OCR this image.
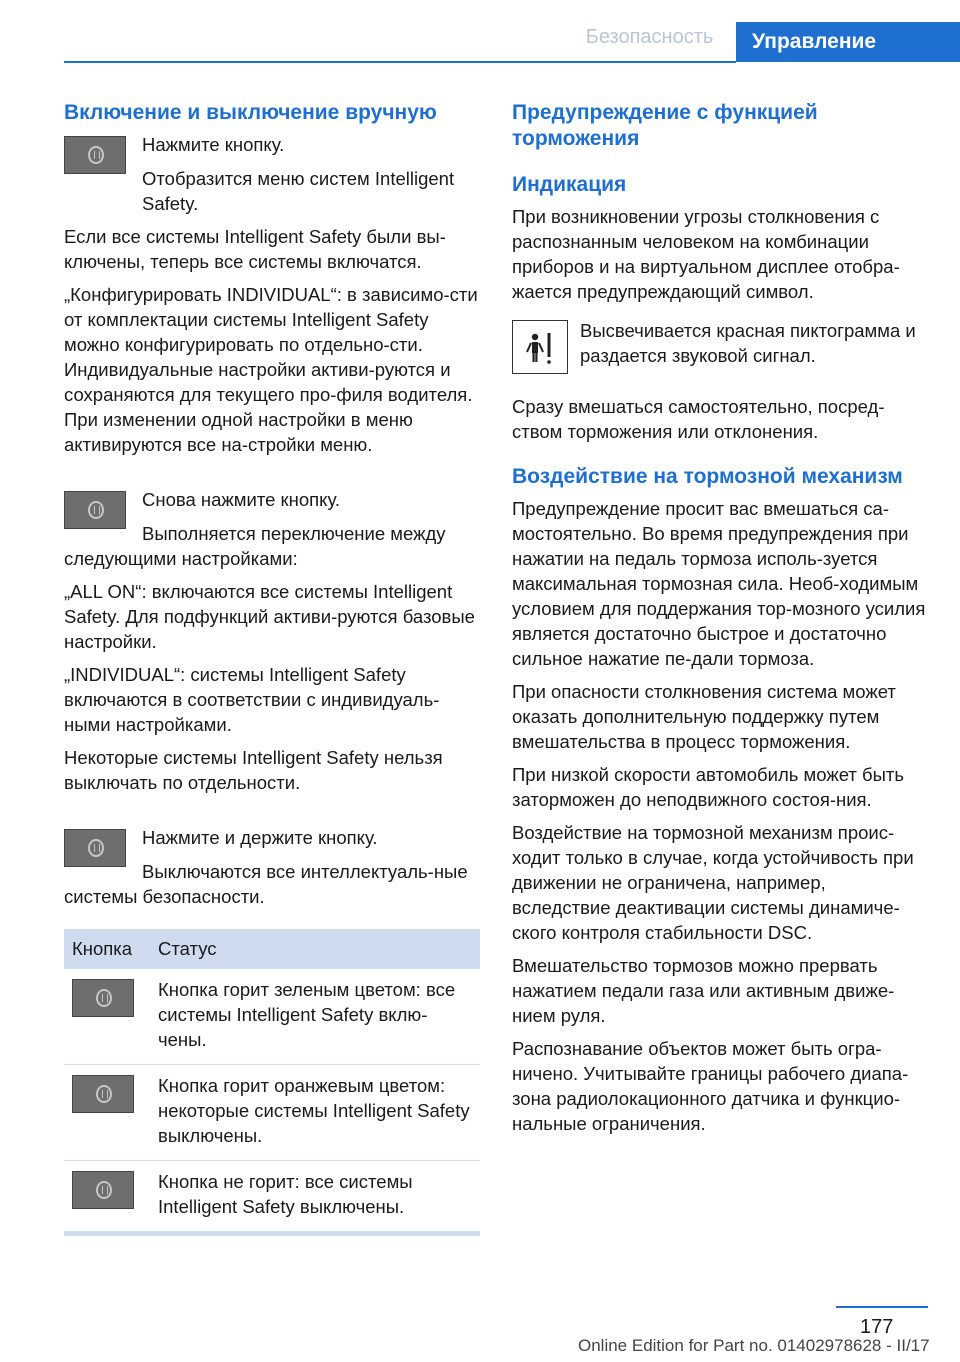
Безопасность	Управление
Включение и выключение вручную

Нажмите кнопку.

Отобразится меню систем Intelligent Safety.

Если все системы Intelligent Safety были вы-ключены, теперь все системы включатся.

„Конфигурировать INDIVIDUAL“: в зависимо-сти от комплектации системы Intelligent Safety можно конфигурировать по отдельно-сти. Индивидуальные настройки активи-руются и сохраняются для текущего про-филя водителя. При изменении одной настройки в меню активируются все на-стройки меню.

Снова нажмите кнопку.

Выполняется переключение между следующими настройками:

„ALL ON“: включаются все системы Intelligent Safety. Для подфункций активи-руются базовые настройки.

„INDIVIDUAL“: системы Intelligent Safety включаются в соответствии с индивидуаль-ными настройками.

Некоторые системы Intelligent Safety нельзя выключать по отдельности.

Нажмите и держите кнопку.

Выключаются все интеллектуаль-ные системы безопасности.

Кнопка	Статус

	Кнопка горит зеленым цветом: все системы Intelligent Safety вклю-чены.

	Кнопка горит оранжевым цветом: некоторые системы Intelligent Safety выключены.

	Кнопка не горит: все системы Intelligent Safety выключены.
Предупреждение с функцией торможения
Индикация

При возникновении угрозы столкновения с распознанным человеком на комбинации приборов и на виртуальном дисплее отобра-жается предупреждающий символ.

Высвечивается красная пиктограмма и раздается звуковой сигнал.

Сразу вмешаться самостоятельно, посред-ством торможения или отклонения.

Воздействие на тормозной механизм

Предупреждение просит вас вмешаться са-мостоятельно. Во время предупреждения при нажатии на педаль тормоза исполь-зуется максимальная тормозная сила. Необ-ходимым условием для поддержания тор-мозного усилия является достаточно быстрое и достаточно сильное нажатие пе-дали тормоза.

При опасности столкновения система может оказать дополнительную поддержку путем вмешательства в процесс торможения.

При низкой скорости автомобиль может быть заторможен до неподвижного состоя-ния.

Воздействие на тормозной механизм проис-ходит только в случае, когда устойчивость при движении не ограничена, например, вследствие деактивации системы динамиче-ского контроля стабильности DSC.

Вмешательство тормозов можно прервать нажатием педали газа или активным движе-нием руля.

Распознавание объектов может быть огра-ничено. Учитывайте границы рабочего диапа-зона радиолокационного датчика и функцио-нальные ограничения.

177
Online Edition for Part no. 01402978628 - II/17
